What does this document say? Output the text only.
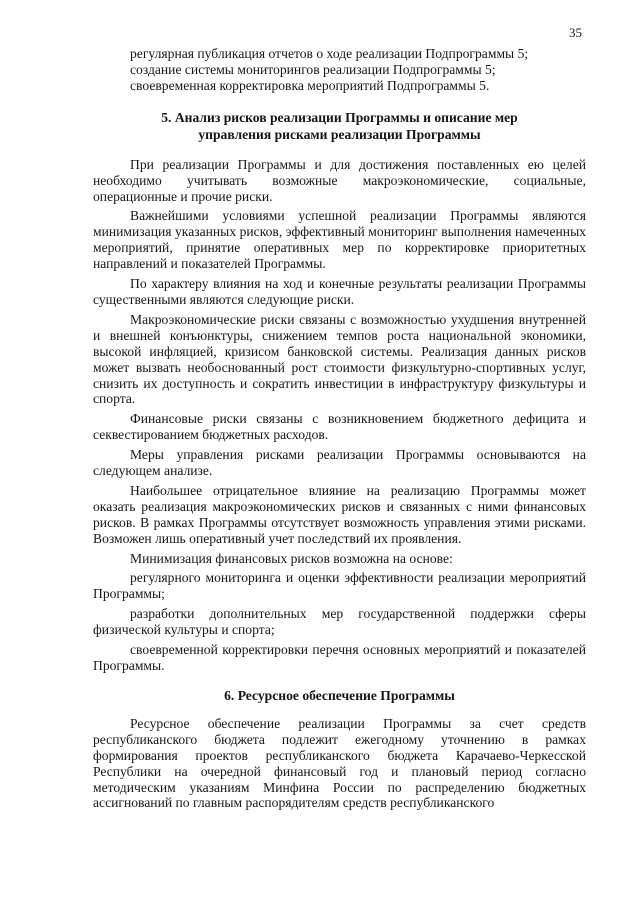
35

регулярная публикация отчетов о ходе реализации Подпрограммы 5;

создание системы мониторингов реализации Подпрограммы 5;

своевременная корректировка мероприятий Подпрограммы 5.

5. Анализ рисков реализации Программы и описание мер
управления рисками реализации Программы

При реализации Программы и для достижения поставленных ею целей необходимо учитывать возможные макроэкономические, социальные, операционные и прочие риски.

Важнейшими условиями успешной реализации Программы являются минимизация указанных рисков, эффективный мониторинг выполнения намеченных мероприятий, принятие оперативных мер по корректировке приоритетных направлений и показателей Программы.

По характеру влияния на ход и конечные результаты реализации Программы существенными являются следующие риски.

Макроэкономические риски связаны с возможностью ухудшения внутренней и внешней конъюнктуры, снижением темпов роста национальной экономики, высокой инфляцией, кризисом банковской системы. Реализация данных рисков может вызвать необоснованный рост стоимости физкультурно-спортивных услуг, снизить их доступность и сократить инвестиции в инфраструктуру физкультуры и спорта.

Финансовые риски связаны с возникновением бюджетного дефицита и секвестированием бюджетных расходов.

Меры управления рисками реализации Программы основываются на следующем анализе.

Наибольшее отрицательное влияние на реализацию Программы может оказать реализация макроэкономических рисков и связанных с ними финансовых рисков. В рамках Программы отсутствует возможность управления этими рисками. Возможен лишь оперативный учет последствий их проявления.

Минимизация финансовых рисков возможна на основе:

регулярного мониторинга и оценки эффективности реализации мероприятий Программы;

разработки дополнительных мер государственной поддержки сферы физической культуры и спорта;

своевременной корректировки перечня основных мероприятий и показателей Программы.

6. Ресурсное обеспечение Программы

Ресурсное обеспечение реализации Программы за счет средств республиканского бюджета подлежит ежегодному уточнению в рамках формирования проектов республиканского бюджета Карачаево-Черкесской Республики на очередной финансовый год и плановый период согласно методическим указаниям Минфина России по распределению бюджетных ассигнований по главным распорядителям средств республиканского
